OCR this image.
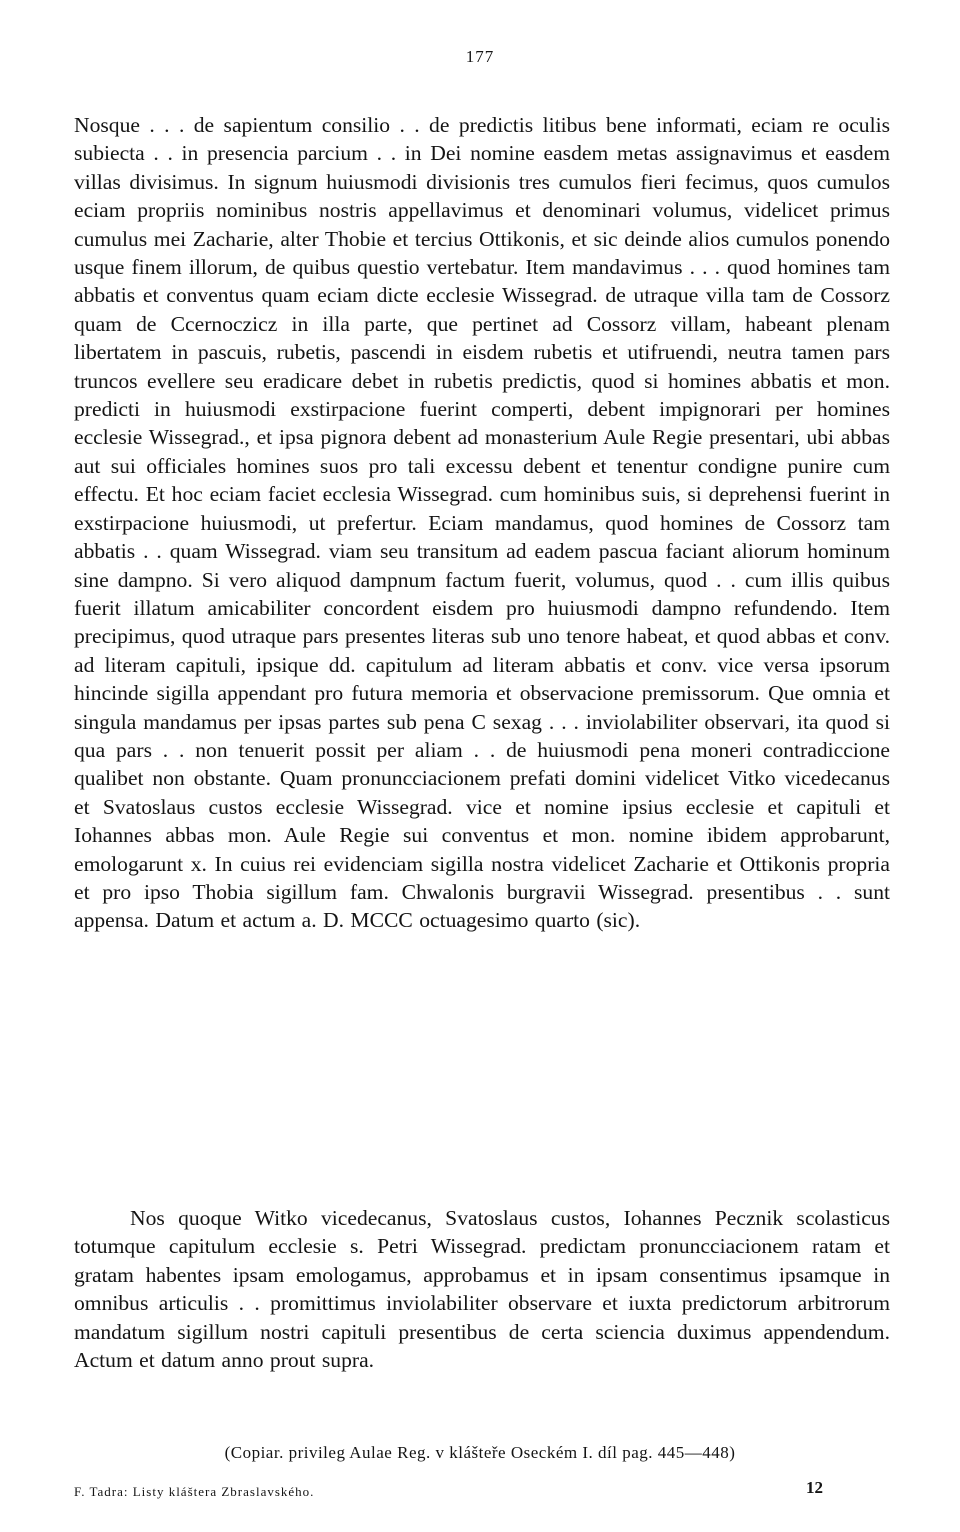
177
Nosque . . . de sapientum consilio . . de predictis litibus bene informati, eciam re oculis subiecta . . in presencia parcium . . in Dei nomine easdem metas assignavimus et easdem villas divisimus. In signum huiusmodi divisionis tres cumulos fieri fecimus, quos cumulos eciam propriis nominibus nostris appellavimus et denominari volumus, videlicet primus cumulus mei Zacharie, alter Thobie et tercius Ottikonis, et sic deinde alios cumulos ponendo usque finem illorum, de quibus questio vertebatur. Item mandavimus . . . quod homines tam abbatis et conventus quam eciam dicte ecclesie Wissegrad. de utraque villa tam de Cossorz quam de Ccernoczicz in illa parte, que pertinet ad Cossorz villam, habeant plenam libertatem in pascuis, rubetis, pascendi in eisdem rubetis et utifruendi, neutra tamen pars truncos evellere seu eradicare debet in rubetis predictis, quod si homines abbatis et mon. predicti in huiusmodi exstirpacione fuerint comperti, debent impignorari per homines ecclesie Wissegrad., et ipsa pignora debent ad monasterium Aule Regie presentari, ubi abbas aut sui officiales homines suos pro tali excessu debent et tenentur condigne punire cum effectu. Et hoc eciam faciet ecclesia Wissegrad. cum hominibus suis, si deprehensi fuerint in exstirpacione huiusmodi, ut prefertur. Eciam mandamus, quod homines de Cossorz tam abbatis . . quam Wissegrad. viam seu transitum ad eadem pascua faciant aliorum hominum sine dampno. Si vero aliquod dampnum factum fuerit, volumus, quod . . cum illis quibus fuerit illatum amicabiliter concordent eisdem pro huiusmodi dampno refundendo. Item precipimus, quod utraque pars presentes literas sub uno tenore habeat, et quod abbas et conv. ad literam capituli, ipsique dd. capitulum ad literam abbatis et conv. vice versa ipsorum hincinde sigilla appendant pro futura memoria et observacione premissorum. Que omnia et singula mandamus per ipsas partes sub pena C sexag . . . inviolabiliter observari, ita quod si qua pars . . non tenuerit possit per aliam . . de huiusmodi pena moneri contradiccione qualibet non obstante. Quam pronuncciacionem prefati domini videlicet Vitko vicedecanus et Svatoslaus custos ecclesie Wissegrad. vice et nomine ipsius ecclesie et capituli et Iohannes abbas mon. Aule Regie sui conventus et mon. nomine ibidem approbarunt, emologarunt x. In cuius rei evidenciam sigilla nostra videlicet Zacharie et Ottikonis propria et pro ipso Thobia sigillum fam. Chwalonis burgravii Wissegrad. presentibus . . sunt appensa. Datum et actum a. D. MCCC octuagesimo quarto (sic).
Nos quoque Witko vicedecanus, Svatoslaus custos, Iohannes Pecznik scolasticus totumque capitulum ecclesie s. Petri Wissegrad. predictam pronuncciacionem ratam et gratam habentes ipsam emologamus, approbamus et in ipsam consentimus ipsamque in omnibus articulis . . promittimus inviolabiliter observare et iuxta predictorum arbitrorum mandatum sigillum nostri capituli presentibus de certa sciencia duximus appendendum. Actum et datum anno prout supra.
(Copiar. privileg Aulae Reg. v klášteře Oseckém I. díl pag. 445—448)
F. Tadra: Listy kláštera Zbraslavského.	12
